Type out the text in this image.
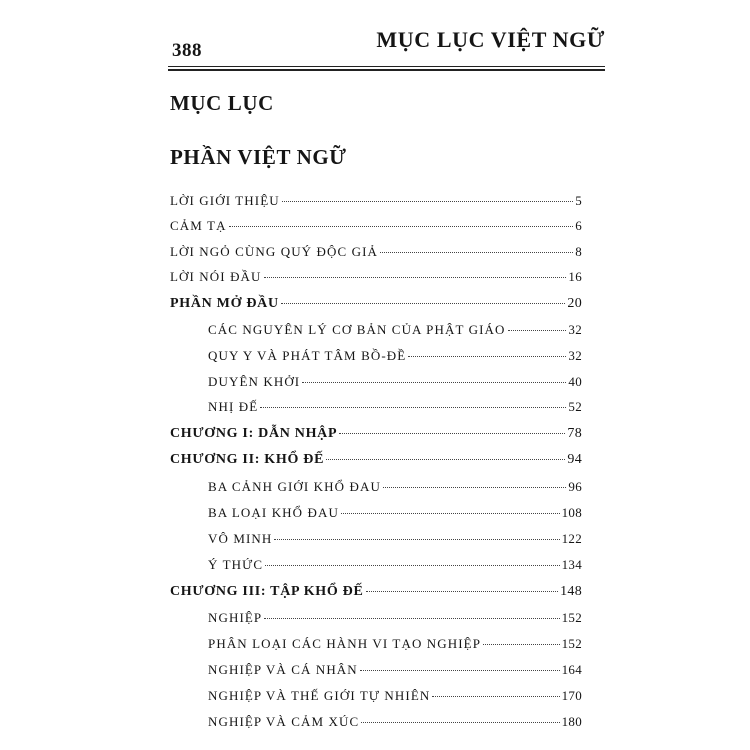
388	MỤC LỤC VIỆT NGỮ
MỤC LỤC
PHẦN VIỆT NGỮ
LỜI GIỚI THIỆU	5
CẢM TẠ	6
LỜI NGỎ CÙNG QUÝ ĐỘC GIẢ	8
LỜI NÓI ĐẦU	16
PHẦN MỞ ĐẦU	20
CÁC NGUYÊN LÝ CƠ BẢN CỦA PHẬT GIÁO	32
QUY Y VÀ PHÁT TÂM BỒ-ĐỀ	32
DUYÊN KHỞI	40
NHỊ ĐẾ	52
CHƯƠNG I: DẪN NHẬP	78
CHƯƠNG II: KHỔ ĐẾ	94
BA CẢNH GIỚI KHỔ ĐAU	96
BA LOẠI KHỔ ĐAU	108
VÔ MINH	122
Ý THỨC	134
CHƯƠNG III: TẬP KHỔ ĐẾ	148
NGHIỆP	152
PHÂN LOẠI CÁC HÀNH VI TẠO NGHIỆP	152
NGHIỆP VÀ CÁ NHÂN	164
NGHIỆP VÀ THẾ GIỚI TỰ NHIÊN	170
NGHIỆP VÀ CẢM XÚC	180
